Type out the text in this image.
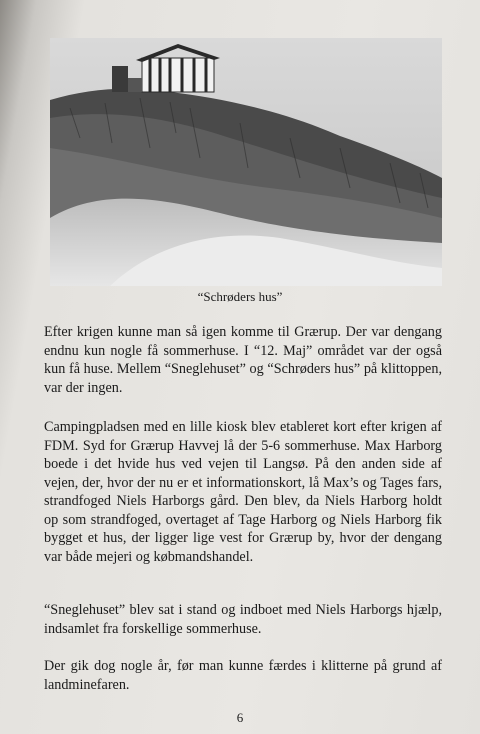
“Schrøders hus”

Efter krigen kunne man så igen komme til Grærup. Der var dengang endnu kun nogle få sommerhuse. I “12. Maj” området var der også kun få huse. Mellem “Sneglehuset” og “Schrøders hus” på klittoppen, var der ingen.

Campingpladsen med en lille kiosk blev etableret kort efter krigen af FDM. Syd for Grærup Havvej lå der 5-6 sommerhuse. Max Harborg boede i det hvide hus ved vejen til Langsø. På den anden side af vejen, der, hvor der nu er et informationskort, lå Max’s og Tages fars, strandfoged Niels Harborgs gård. Den blev, da Niels Harborg holdt op som strandfoged, overtaget af Tage Harborg og Niels Harborg fik bygget et hus, der ligger lige vest for Grærup by, hvor der dengang var både mejeri og købmandshandel.

“Sneglehuset” blev sat i stand og indboet med Niels Harborgs hjælp, indsamlet fra forskellige sommerhuse.

Der gik dog nogle år, før man kunne færdes i klitterne på grund af landminefaren.

6
